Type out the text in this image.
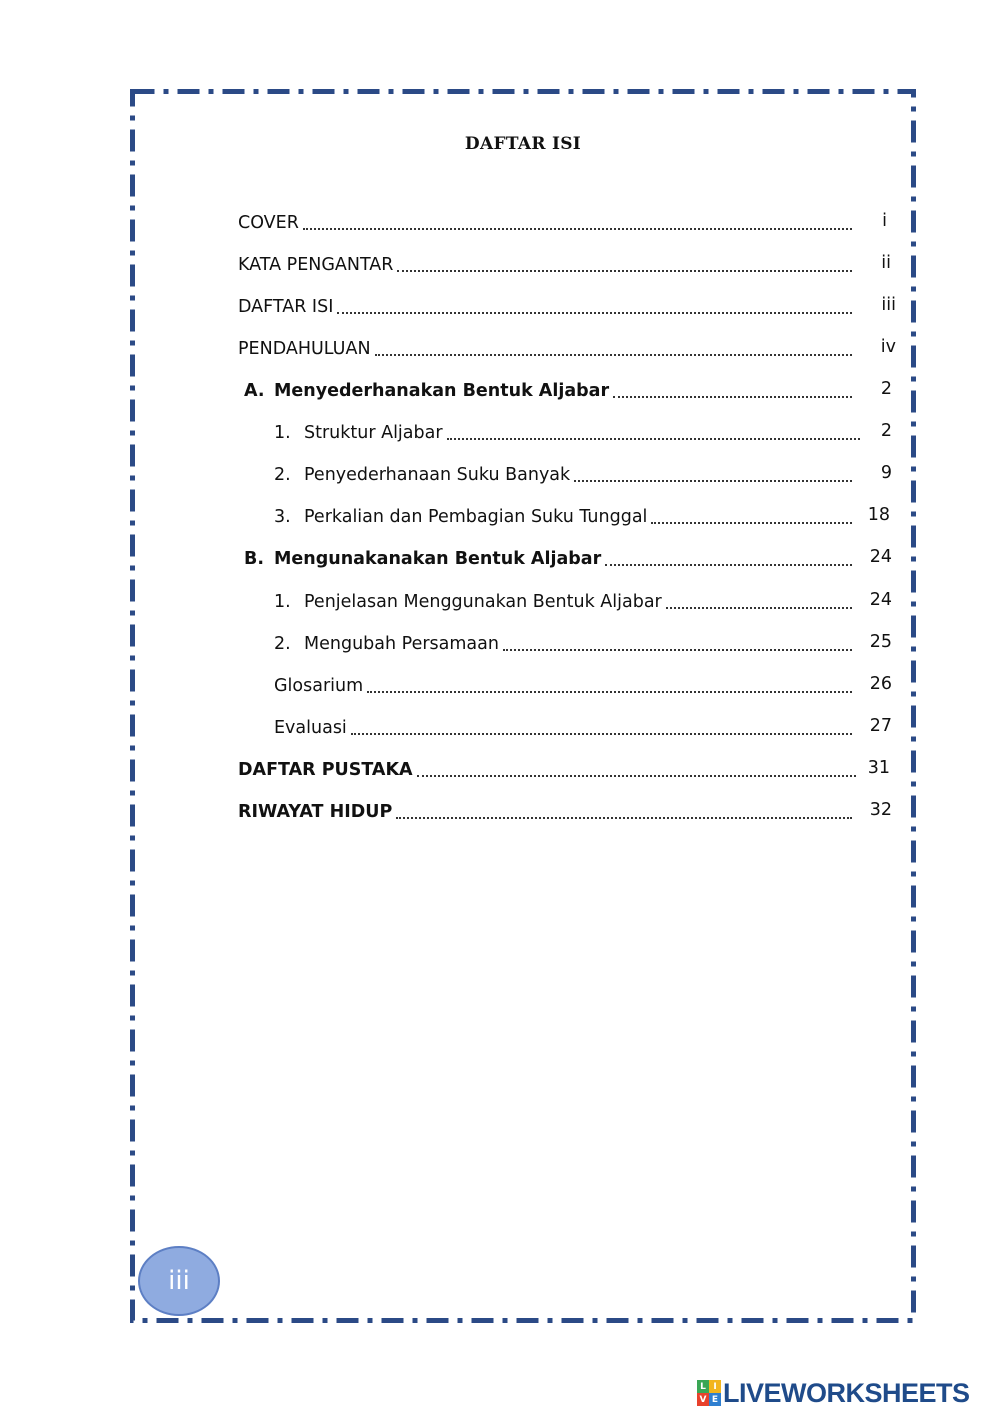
DAFTAR ISI
COVER	i
KATA PENGANTAR	ii
DAFTAR ISI	iii
PENDAHULUAN	iv
A. Menyederhanakan Bentuk Aljabar	2
1. Struktur Aljabar	2
2. Penyederhanaan Suku Banyak	9
3. Perkalian dan Pembagian Suku Tunggal	18
B. Mengunakanakan Bentuk Aljabar	24
1. Penjelasan Menggunakan Bentuk Aljabar	24
2. Mengubah Persamaan	25
Glosarium	26
Evaluasi	27
DAFTAR PUSTAKA	31
RIWAYAT HIDUP	32
iii
L I
V E LIVEWORKSHEETS
